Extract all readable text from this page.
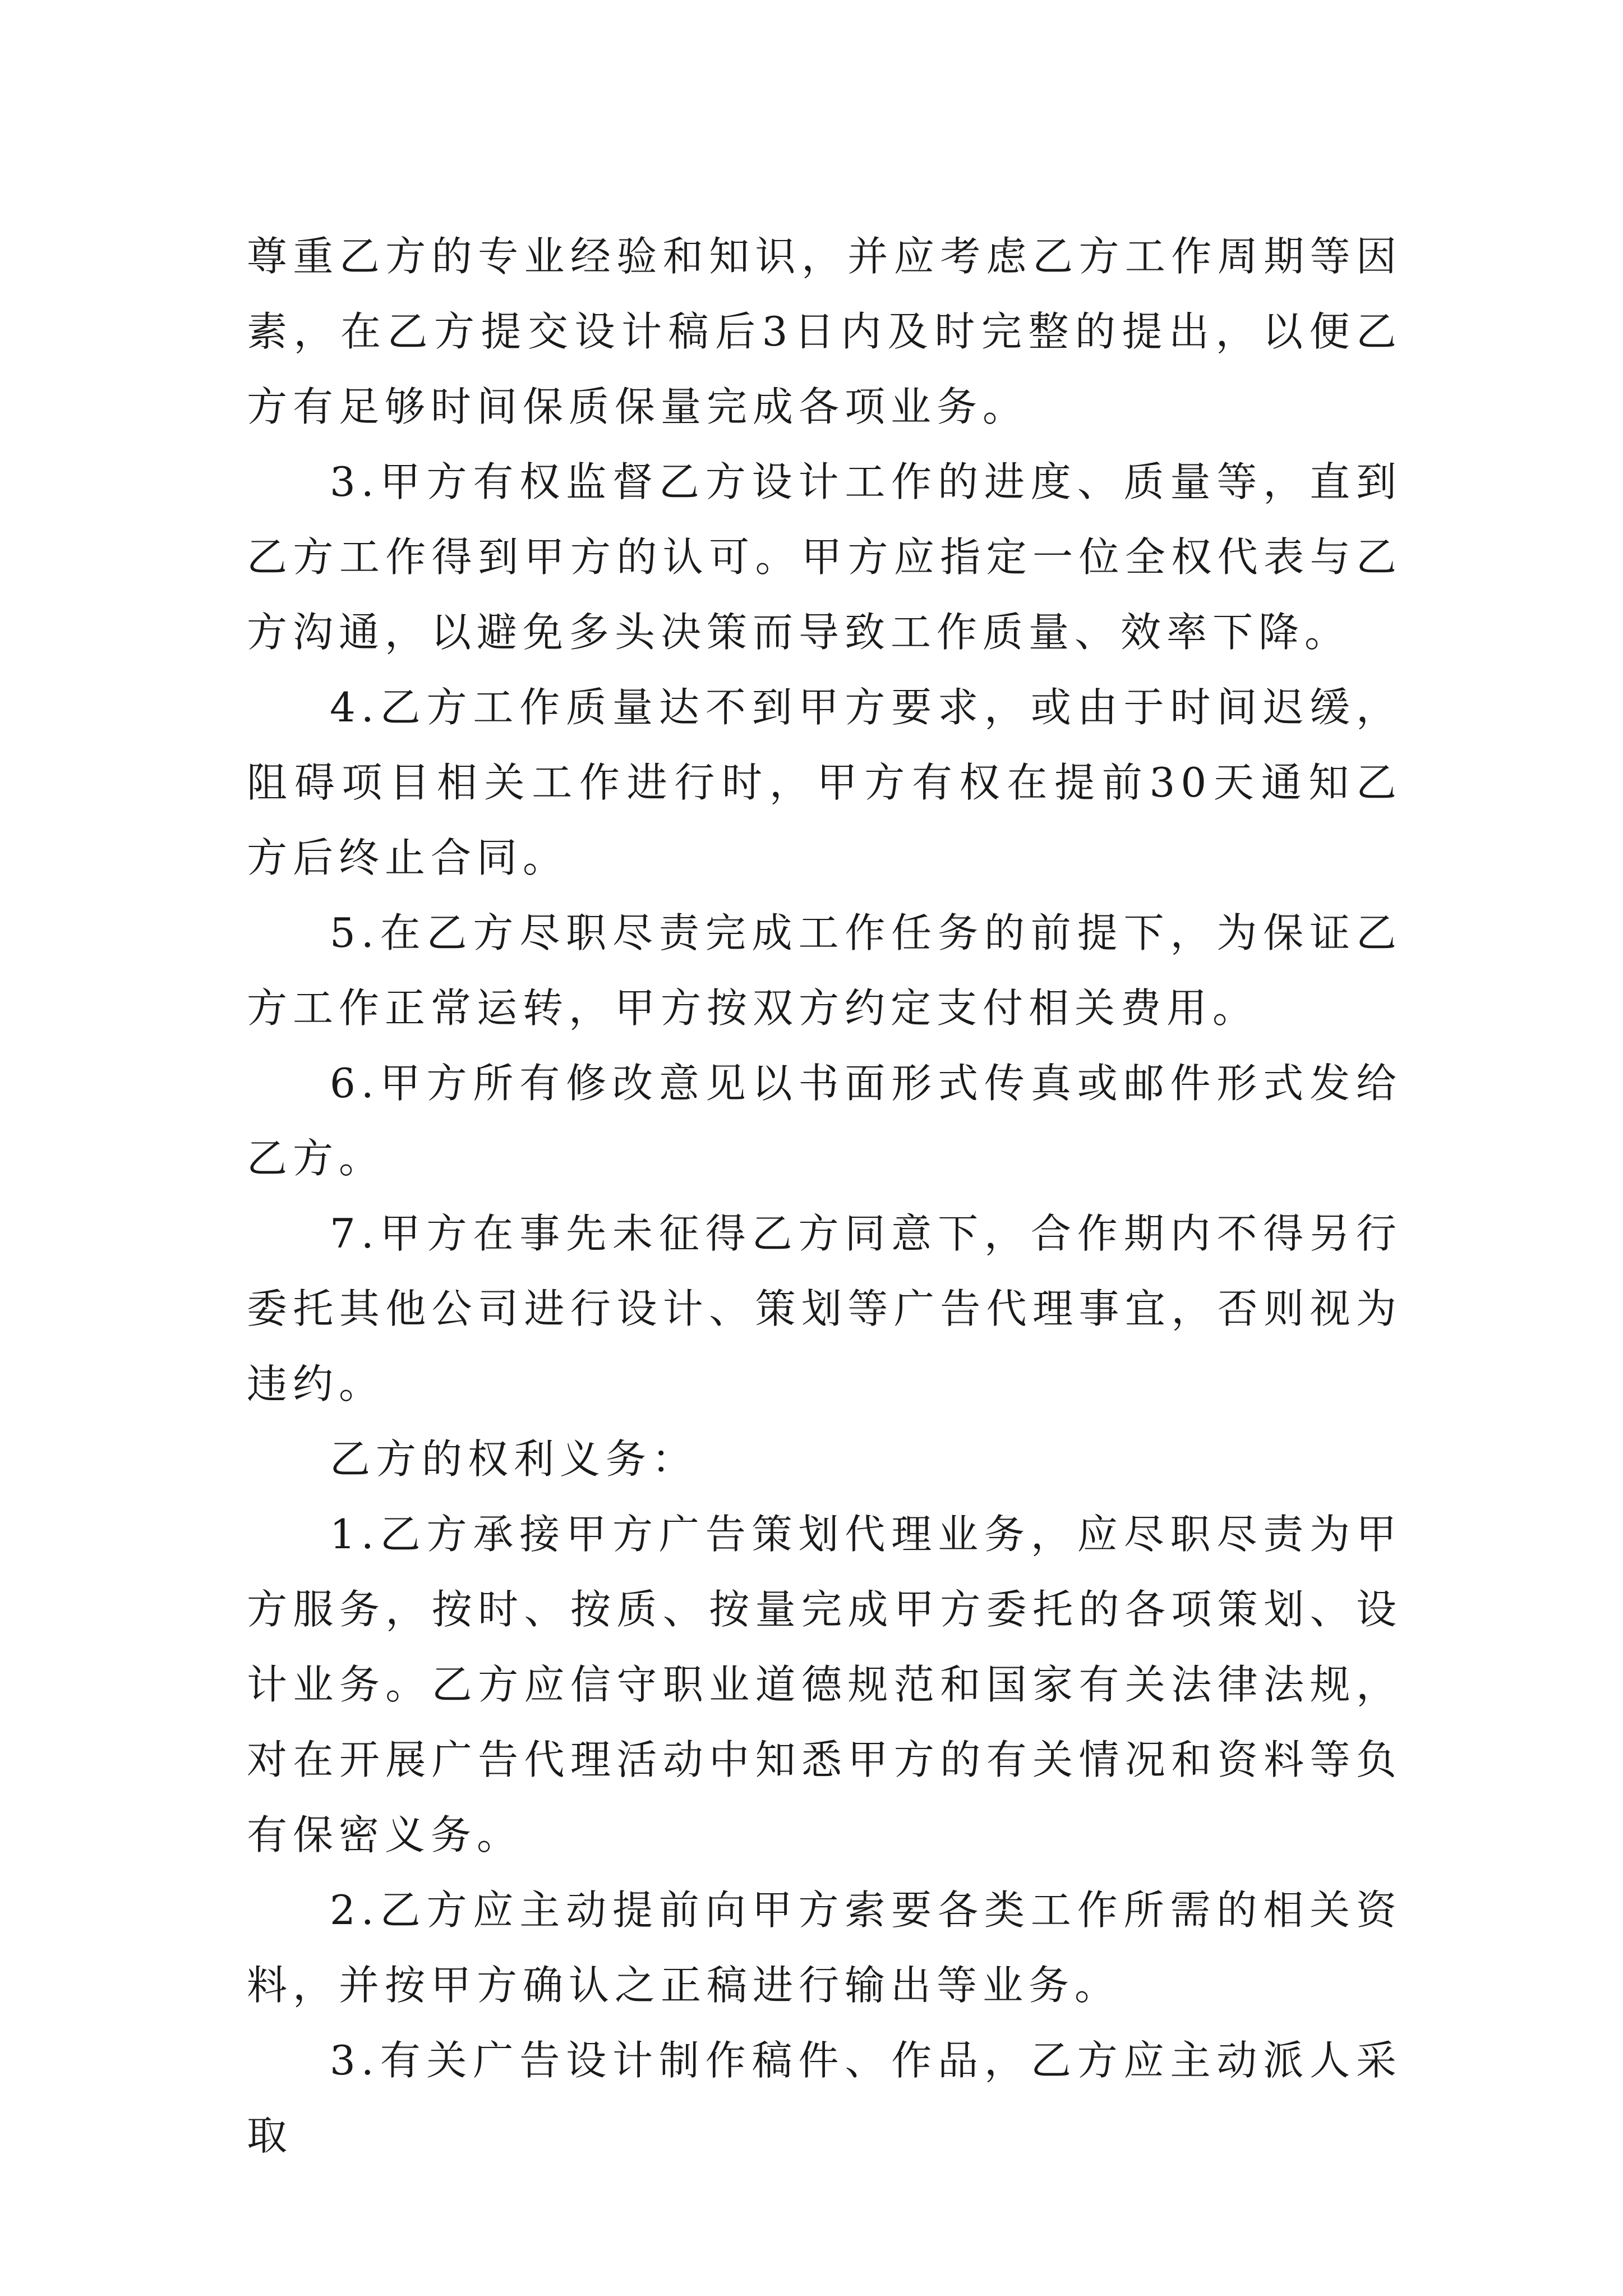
尊重乙方的专业经验和知识，并应考虑乙方工作周期等因素，在乙方提交设计稿后3日内及时完整的提出，以便乙方有足够时间保质保量完成各项业务。

3.甲方有权监督乙方设计工作的进度、质量等，直到乙方工作得到甲方的认可。甲方应指定一位全权代表与乙方沟通，以避免多头决策而导致工作质量、效率下降。

4.乙方工作质量达不到甲方要求，或由于时间迟缓，阻碍项目相关工作进行时，甲方有权在提前30天通知乙方后终止合同。

5.在乙方尽职尽责完成工作任务的前提下，为保证乙方工作正常运转，甲方按双方约定支付相关费用。

6.甲方所有修改意见以书面形式传真或邮件形式发给乙方。

7.甲方在事先未征得乙方同意下，合作期内不得另行委托其他公司进行设计、策划等广告代理事宜，否则视为违约。

乙方的权利义务：

1.乙方承接甲方广告策划代理业务，应尽职尽责为甲方服务，按时、按质、按量完成甲方委托的各项策划、设计业务。乙方应信守职业道德规范和国家有关法律法规，对在开展广告代理活动中知悉甲方的有关情况和资料等负有保密义务。

2.乙方应主动提前向甲方索要各类工作所需的相关资料，并按甲方确认之正稿进行输出等业务。

3.有关广告设计制作稿件、作品，乙方应主动派人采取
